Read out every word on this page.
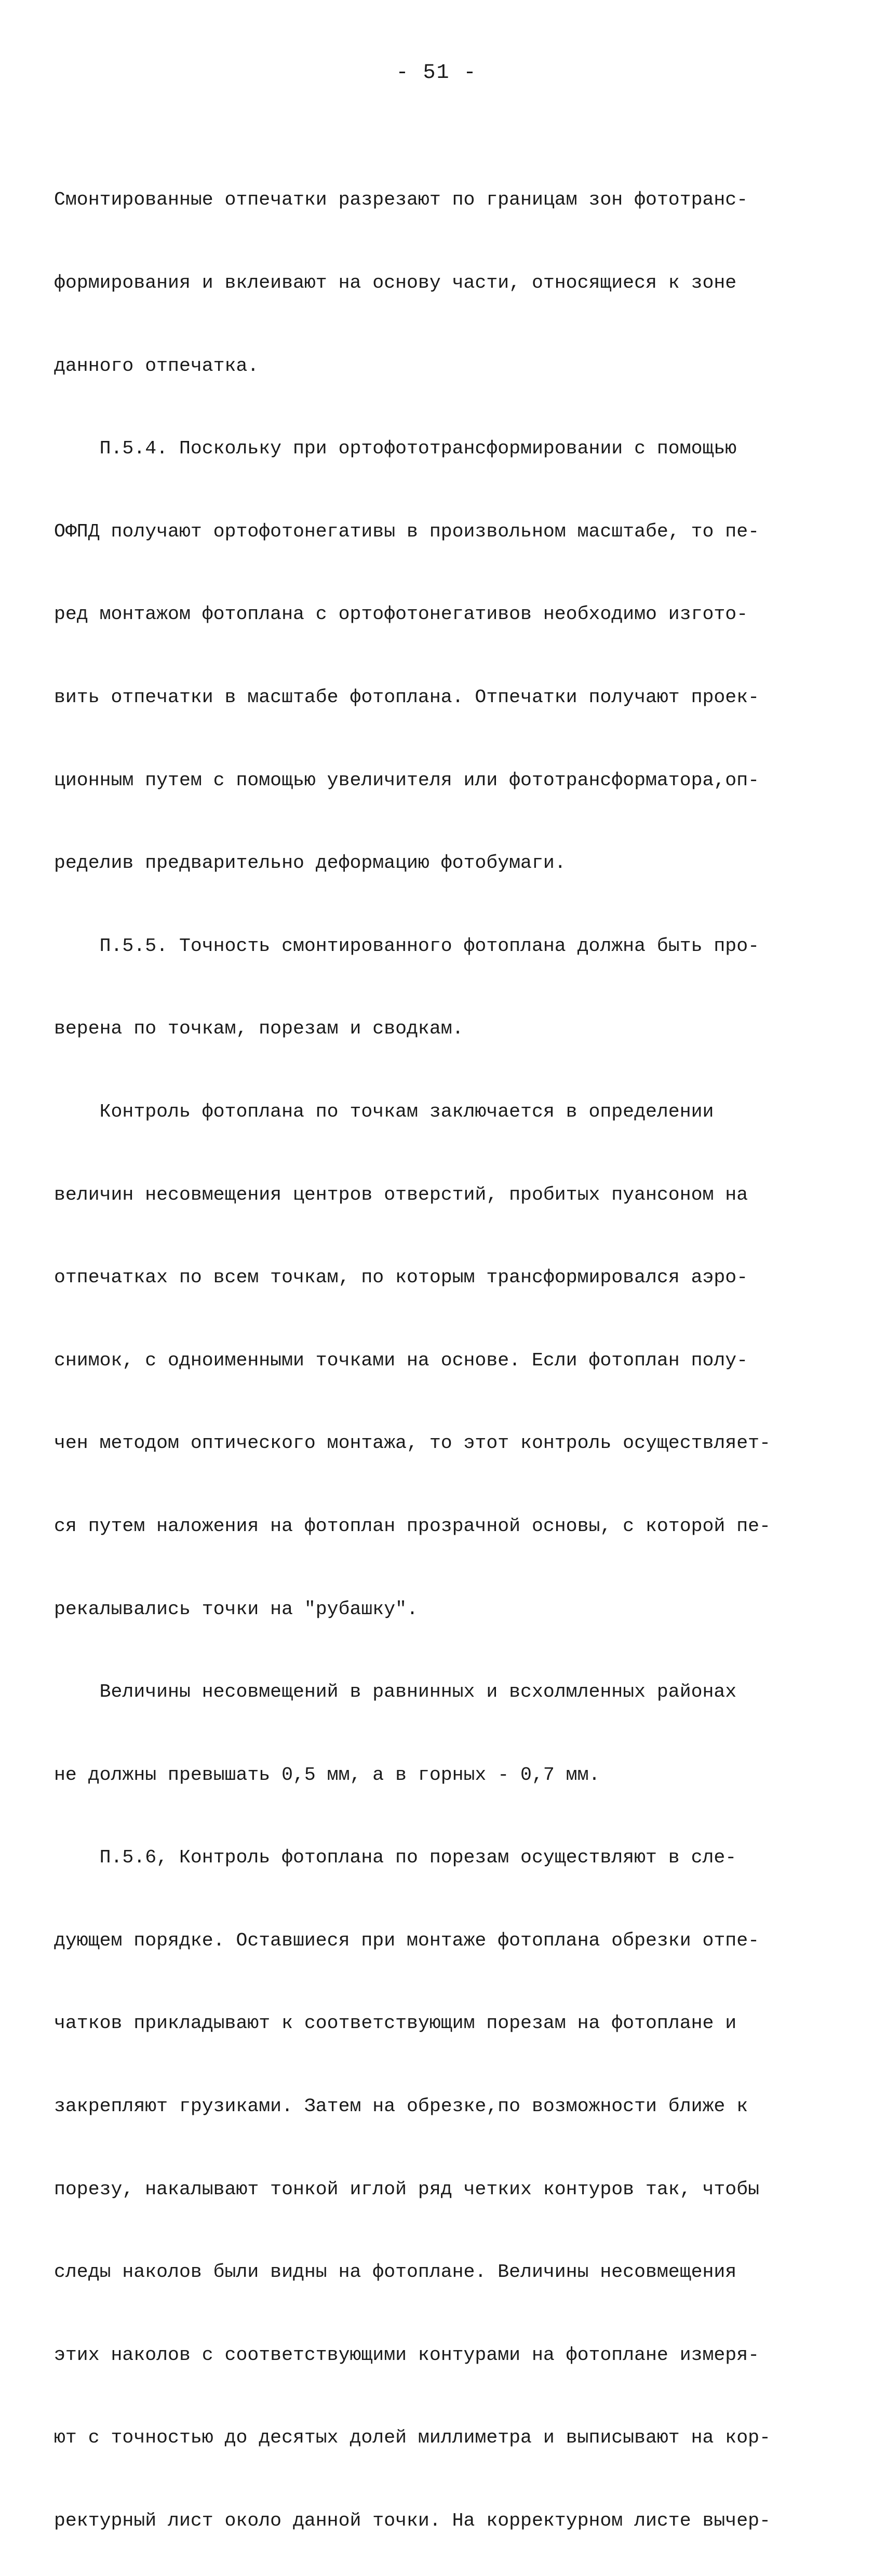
- 51 -

Смонтированные отпечатки разрезают по границам зон фототранс-

формирования и вклеивают на основу части, относящиеся к зоне

данного отпечатка.

П.5.4. Поскольку при ортофототрансформировании с помощью

ОФПД получают ортофотонегативы в произвольном масштабе, то пе-

ред монтажом фотоплана с ортофотонегативов необходимо изгото-

вить отпечатки в масштабе фотоплана. Отпечатки получают проек-

ционным путем с помощью увеличителя или фототрансформатора,оп-

ределив предварительно деформацию фотобумаги.

П.5.5. Точность смонтированного фотоплана должна быть про-

верена по точкам, порезам и сводкам.

Контроль фотоплана по точкам заключается в определении

величин несовмещения центров отверстий, пробитых пуансоном на

отпечатках по всем точкам, по которым трансформировался аэро-

снимок, с одноименными точками на основе. Если фотоплан полу-

чен методом оптического монтажа, то этот контроль осуществляет-

ся путем наложения на фотоплан прозрачной основы, с которой пе-

рекалывались точки на "рубашку".

Величины несовмещений в равнинных и всхолмленных районах

не должны превышать 0,5 мм, а в горных - 0,7 мм.

П.5.6, Контроль фотоплана по порезам осуществляют в сле-

дующем порядке. Оставшиеся при монтаже фотоплана обрезки отпе-

чатков прикладывают к соответствующим порезам на фотоплане и

закрепляют грузиками. Затем на обрезке,по возможности ближе к

порезу, накалывают тонкой иглой ряд четких контуров так, чтобы

следы наколов были видны на фотоплане. Величины несовмещения

этих наколов с соответствующими контурами на фотоплане измеря-

ют с точностью до десятых долей миллиметра и выписывают на кор-

ректурный лист около данной точки. На корректурном листе вычер-
